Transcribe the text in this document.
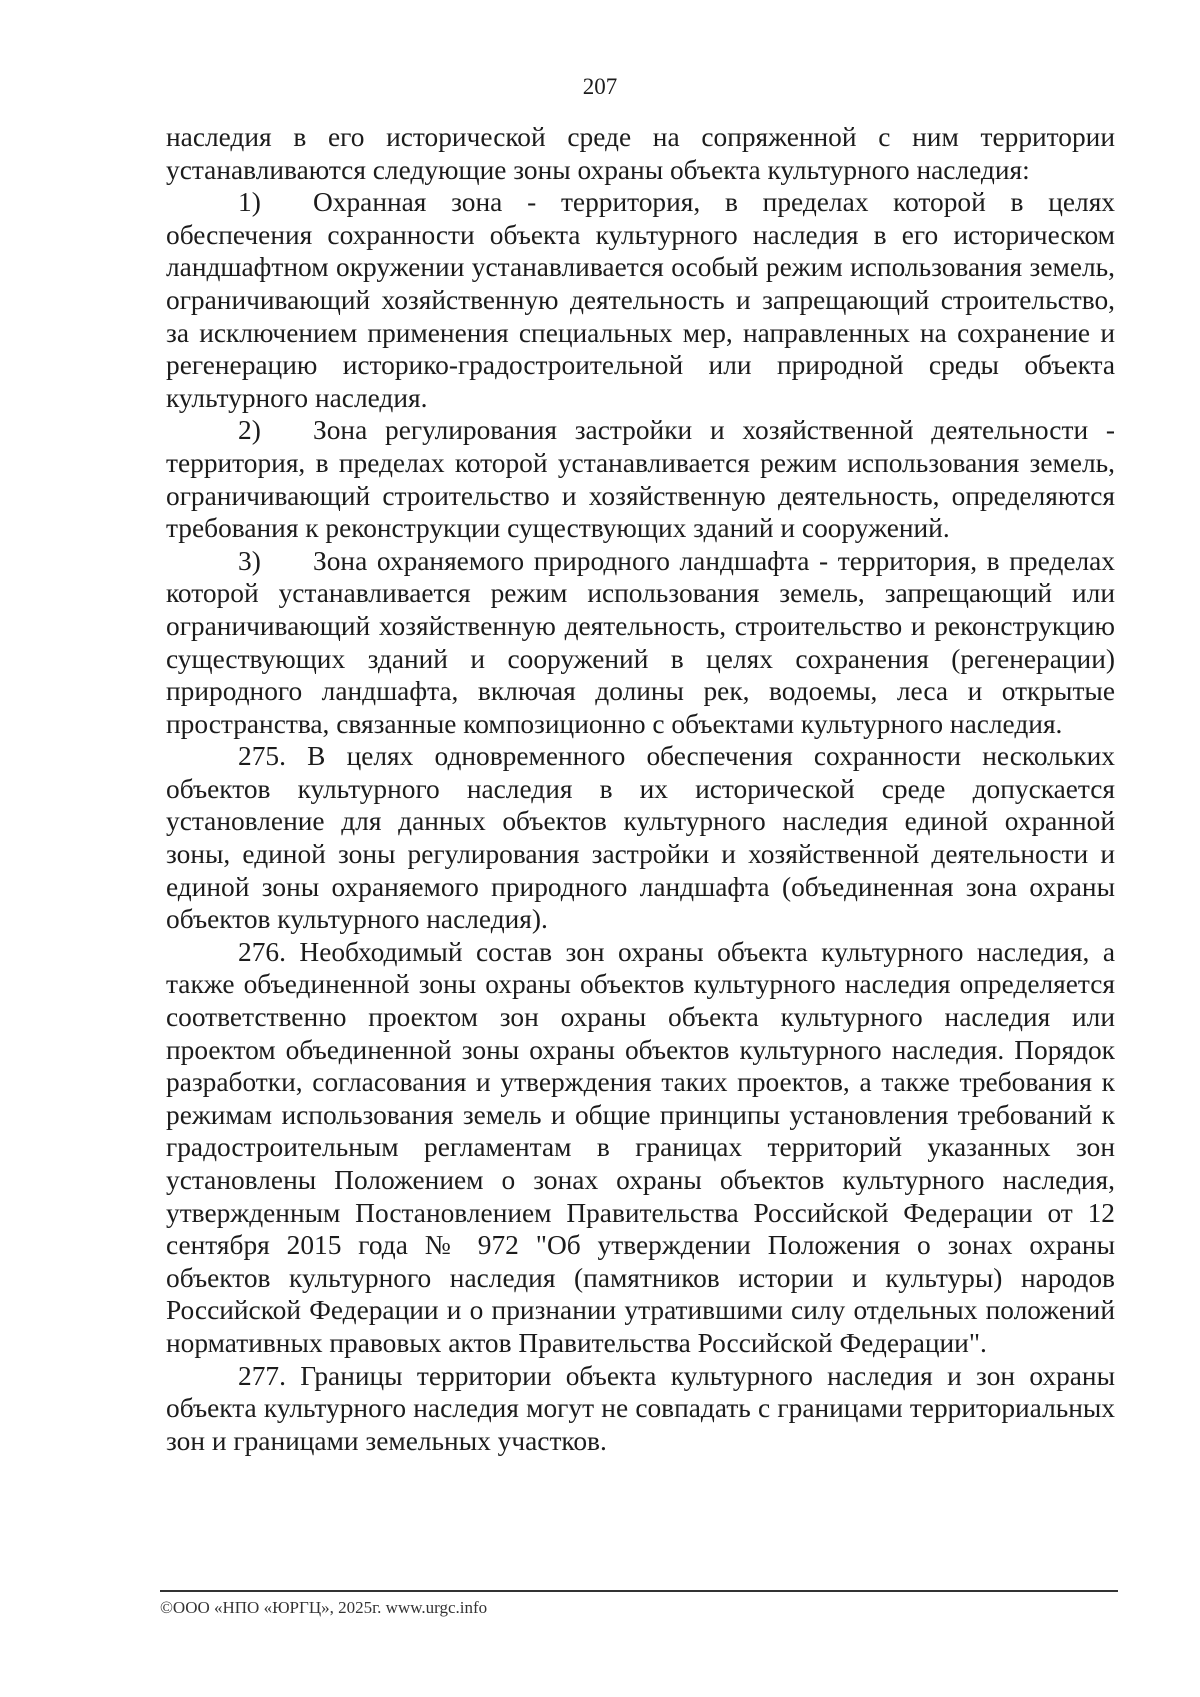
207

наследия в его исторической среде на сопряженной с ним территории устанавливаются следующие зоны охраны объекта культурного наследия:

1) Охранная зона - территория, в пределах которой в целях обеспечения сохранности объекта культурного наследия в его историческом ландшафтном окружении устанавливается особый режим использования земель, ограничивающий хозяйственную деятельность и запрещающий строительство, за исключением применения специальных мер, направленных на сохранение и регенерацию историко-градостроительной или природной среды объекта культурного наследия.

2) Зона регулирования застройки и хозяйственной деятельности - территория, в пределах которой устанавливается режим использования земель, ограничивающий строительство и хозяйственную деятельность, определяются требования к реконструкции существующих зданий и сооружений.

3) Зона охраняемого природного ландшафта - территория, в пределах которой устанавливается режим использования земель, запрещающий или ограничивающий хозяйственную деятельность, строительство и реконструкцию существующих зданий и сооружений в целях сохранения (регенерации) природного ландшафта, включая долины рек, водоемы, леса и открытые пространства, связанные композиционно с объектами культурного наследия.

275. В целях одновременного обеспечения сохранности нескольких объектов культурного наследия в их исторической среде допускается установление для данных объектов культурного наследия единой охранной зоны, единой зоны регулирования застройки и хозяйственной деятельности и единой зоны охраняемого природного ландшафта (объединенная зона охраны объектов культурного наследия).

276. Необходимый состав зон охраны объекта культурного наследия, а также объединенной зоны охраны объектов культурного наследия определяется соответственно проектом зон охраны объекта культурного наследия или проектом объединенной зоны охраны объектов культурного наследия. Порядок разработки, согласования и утверждения таких проектов, а также требования к режимам использования земель и общие принципы установления требований к градостроительным регламентам в границах территорий указанных зон установлены Положением о зонах охраны объектов культурного наследия, утвержденным Постановлением Правительства Российской Федерации от 12 сентября 2015 года № 972 "Об утверждении Положения о зонах охраны объектов культурного наследия (памятников истории и культуры) народов Российской Федерации и о признании утратившими силу отдельных положений нормативных правовых актов Правительства Российской Федерации".

277. Границы территории объекта культурного наследия и зон охраны объекта культурного наследия могут не совпадать с границами территориальных зон и границами земельных участков.

©ООО «НПО «ЮРГЦ», 2025г. www.urgc.info
